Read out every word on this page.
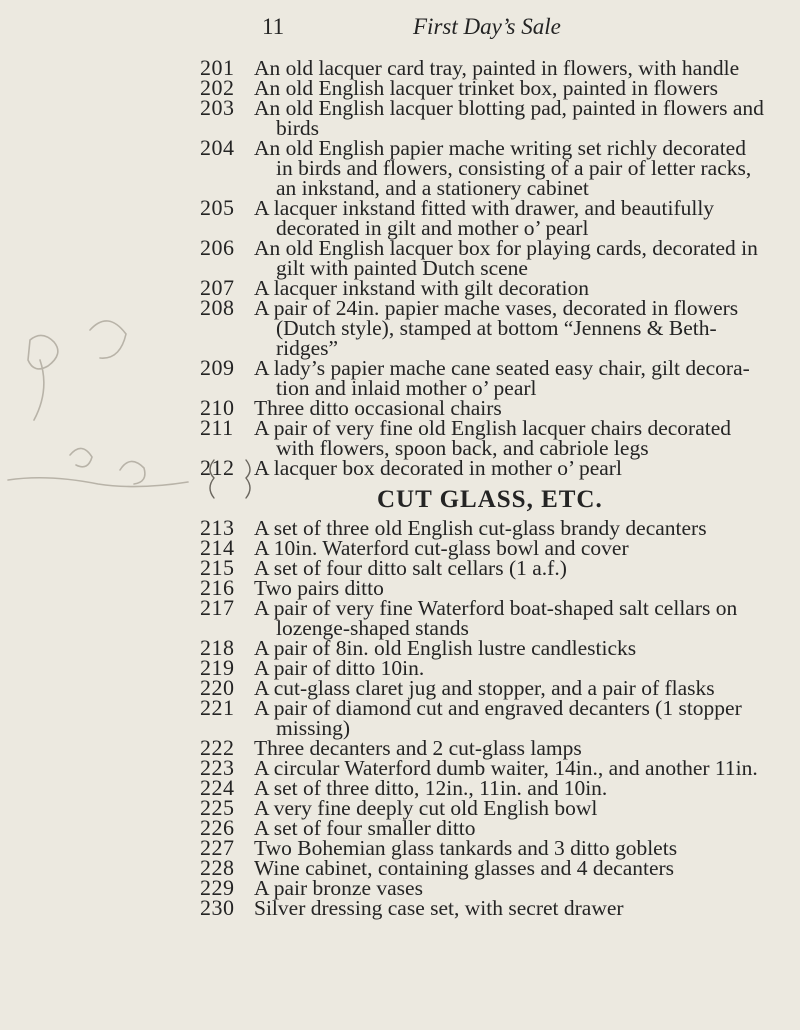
11	First Day’s Sale
201 An old lacquer card tray, painted in flowers, with handle
202 An old English lacquer trinket box, painted in flowers
203 An old English lacquer blotting pad, painted in flowers and
birds
204 An old English papier mache writing set richly decorated
in birds and flowers, consisting of a pair of letter racks,
an inkstand, and a stationery cabinet
205 A lacquer inkstand fitted with drawer, and beautifully
decorated in gilt and mother o’ pearl
206 An old English lacquer box for playing cards, decorated in
gilt with painted Dutch scene
207 A lacquer inkstand with gilt decoration
208 A pair of 24in. papier mache vases, decorated in flowers
(Dutch style), stamped at bottom “Jennens & Beth-
ridges”
209 A lady’s papier mache cane seated easy chair, gilt decora-
tion and inlaid mother o’ pearl
210 Three ditto occasional chairs
211 A pair of very fine old English lacquer chairs decorated
with flowers, spoon back, and cabriole legs
212 A lacquer box decorated in mother o’ pearl
CUT GLASS, ETC.
213 A set of three old English cut-glass brandy decanters
214 A 10in. Waterford cut-glass bowl and cover
215 A set of four ditto salt cellars (1 a.f.)
216 Two pairs ditto
217 A pair of very fine Waterford boat-shaped salt cellars on
lozenge-shaped stands
218 A pair of 8in. old English lustre candlesticks
219 A pair of ditto 10in.
220 A cut-glass claret jug and stopper, and a pair of flasks
221 A pair of diamond cut and engraved decanters (1 stopper
missing)
222 Three decanters and 2 cut-glass lamps
223 A circular Waterford dumb waiter, 14in., and another 11in.
224 A set of three ditto, 12in., 11in. and 10in.
225 A very fine deeply cut old English bowl
226 A set of four smaller ditto
227 Two Bohemian glass tankards and 3 ditto goblets
228 Wine cabinet, containing glasses and 4 decanters
229 A pair bronze vases
230 Silver dressing case set, with secret drawer
